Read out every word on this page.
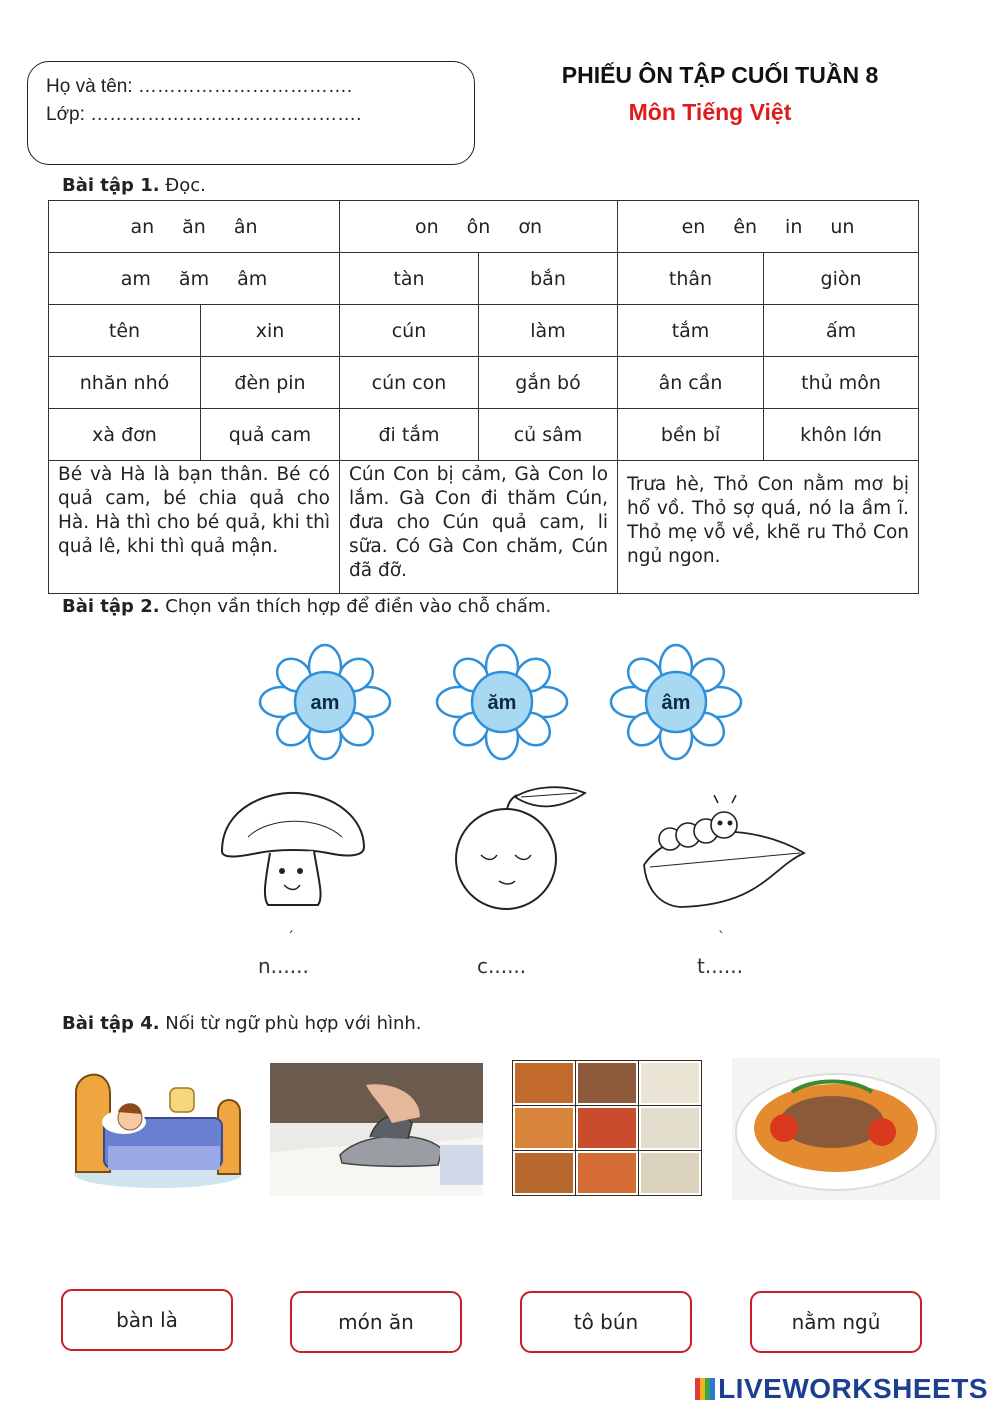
Họ và tên: …………………………….
Lớp: …………………………………….
PHIẾU ÔN TẬP CUỐI TUẦN 8
Môn Tiếng Việt
Bài tập 1. Đọc.
an ăn ân		on ôn ơn		en ên in un	
am ăm âm		tàn	bắn	thân	giòn
tên	xin	cún	làm	tắm	ấm
nhăn nhó	đèn pin	cún con	gắn bó	ân cần	thủ môn
xà đơn	quả cam	đi tắm	củ sâm	bền bỉ	khôn lớn
Bé và Hà là bạn thân. Bé có quả cam, bé chia quả cho Hà. Hà thì cho bé quả, khi thì quả lê, khi thì quả mận.		Cún Con bị cảm, Gà Con lo lắm. Gà Con đi thăm Cún, đưa cho Cún quả cam, li sữa. Có Gà Con chăm, Cún đã đỡ.		Trưa hè, Thỏ Con nằm mơ bị hổ vồ. Thỏ sợ quá, nó la ầm ĩ. Thỏ mẹ vỗ về, khẽ ru Thỏ Con ngủ ngon.	
Bài tập 2. Chọn vần thích hợp để điền vào chỗ chấm.
am	ăm	âm
n......
´
c......	t......
`
Bài tập 4. Nối từ ngữ phù hợp với hình.
bàn là	món ăn	tô bún	nằm ngủ
LIVEWORKSHEETS
